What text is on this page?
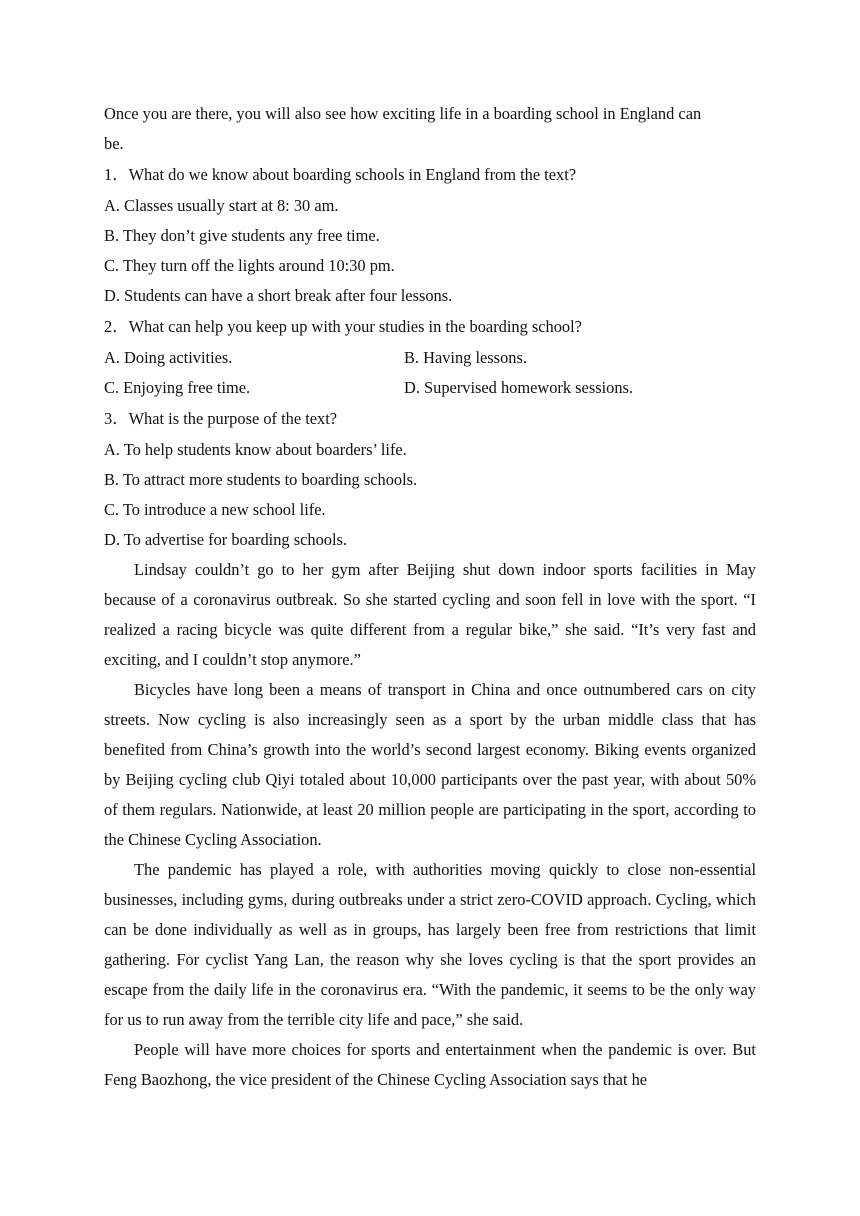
Once you are there, you will also see how exciting life in a boarding school in England can
be.
1．What do we know about boarding schools in England from the text?
A. Classes usually start at 8: 30 am.
B. They don’t give students any free time.
C. They turn off the lights around 10:30 pm.
D. Students can have a short break after four lessons.
2．What can help you keep up with your studies in the boarding school?
A. Doing activities.	B. Having lessons.
C. Enjoying free time.	D. Supervised homework sessions.
3．What is the purpose of the text?
A. To help students know about boarders’ life.
B. To attract more students to boarding schools.
C. To introduce a new school life.
D. To advertise for boarding schools.

Lindsay couldn’t go to her gym after Beijing shut down indoor sports facilities in May because of a coronavirus outbreak. So she started cycling and soon fell in love with the sport. “I realized a racing bicycle was quite different from a regular bike,” she said. “It’s very fast and exciting, and I couldn’t stop anymore.”

Bicycles have long been a means of transport in China and once outnumbered cars on city streets. Now cycling is also increasingly seen as a sport by the urban middle class that has benefited from China’s growth into the world’s second largest economy. Biking events organized by Beijing cycling club Qiyi totaled about 10,000 participants over the past year, with about 50% of them regulars. Nationwide, at least 20 million people are participating in the sport, according to the Chinese Cycling Association.

The pandemic has played a role, with authorities moving quickly to close non-essential businesses, including gyms, during outbreaks under a strict zero-COVID approach. Cycling, which can be done individually as well as in groups, has largely been free from restrictions that limit gathering. For cyclist Yang Lan, the reason why she loves cycling is that the sport provides an escape from the daily life in the coronavirus era. “With the pandemic, it seems to be the only way for us to run away from the terrible city life and pace,” she said.

People will have more choices for sports and entertainment when the pandemic is over. But Feng Baozhong, the vice president of the Chinese Cycling Association says that he
